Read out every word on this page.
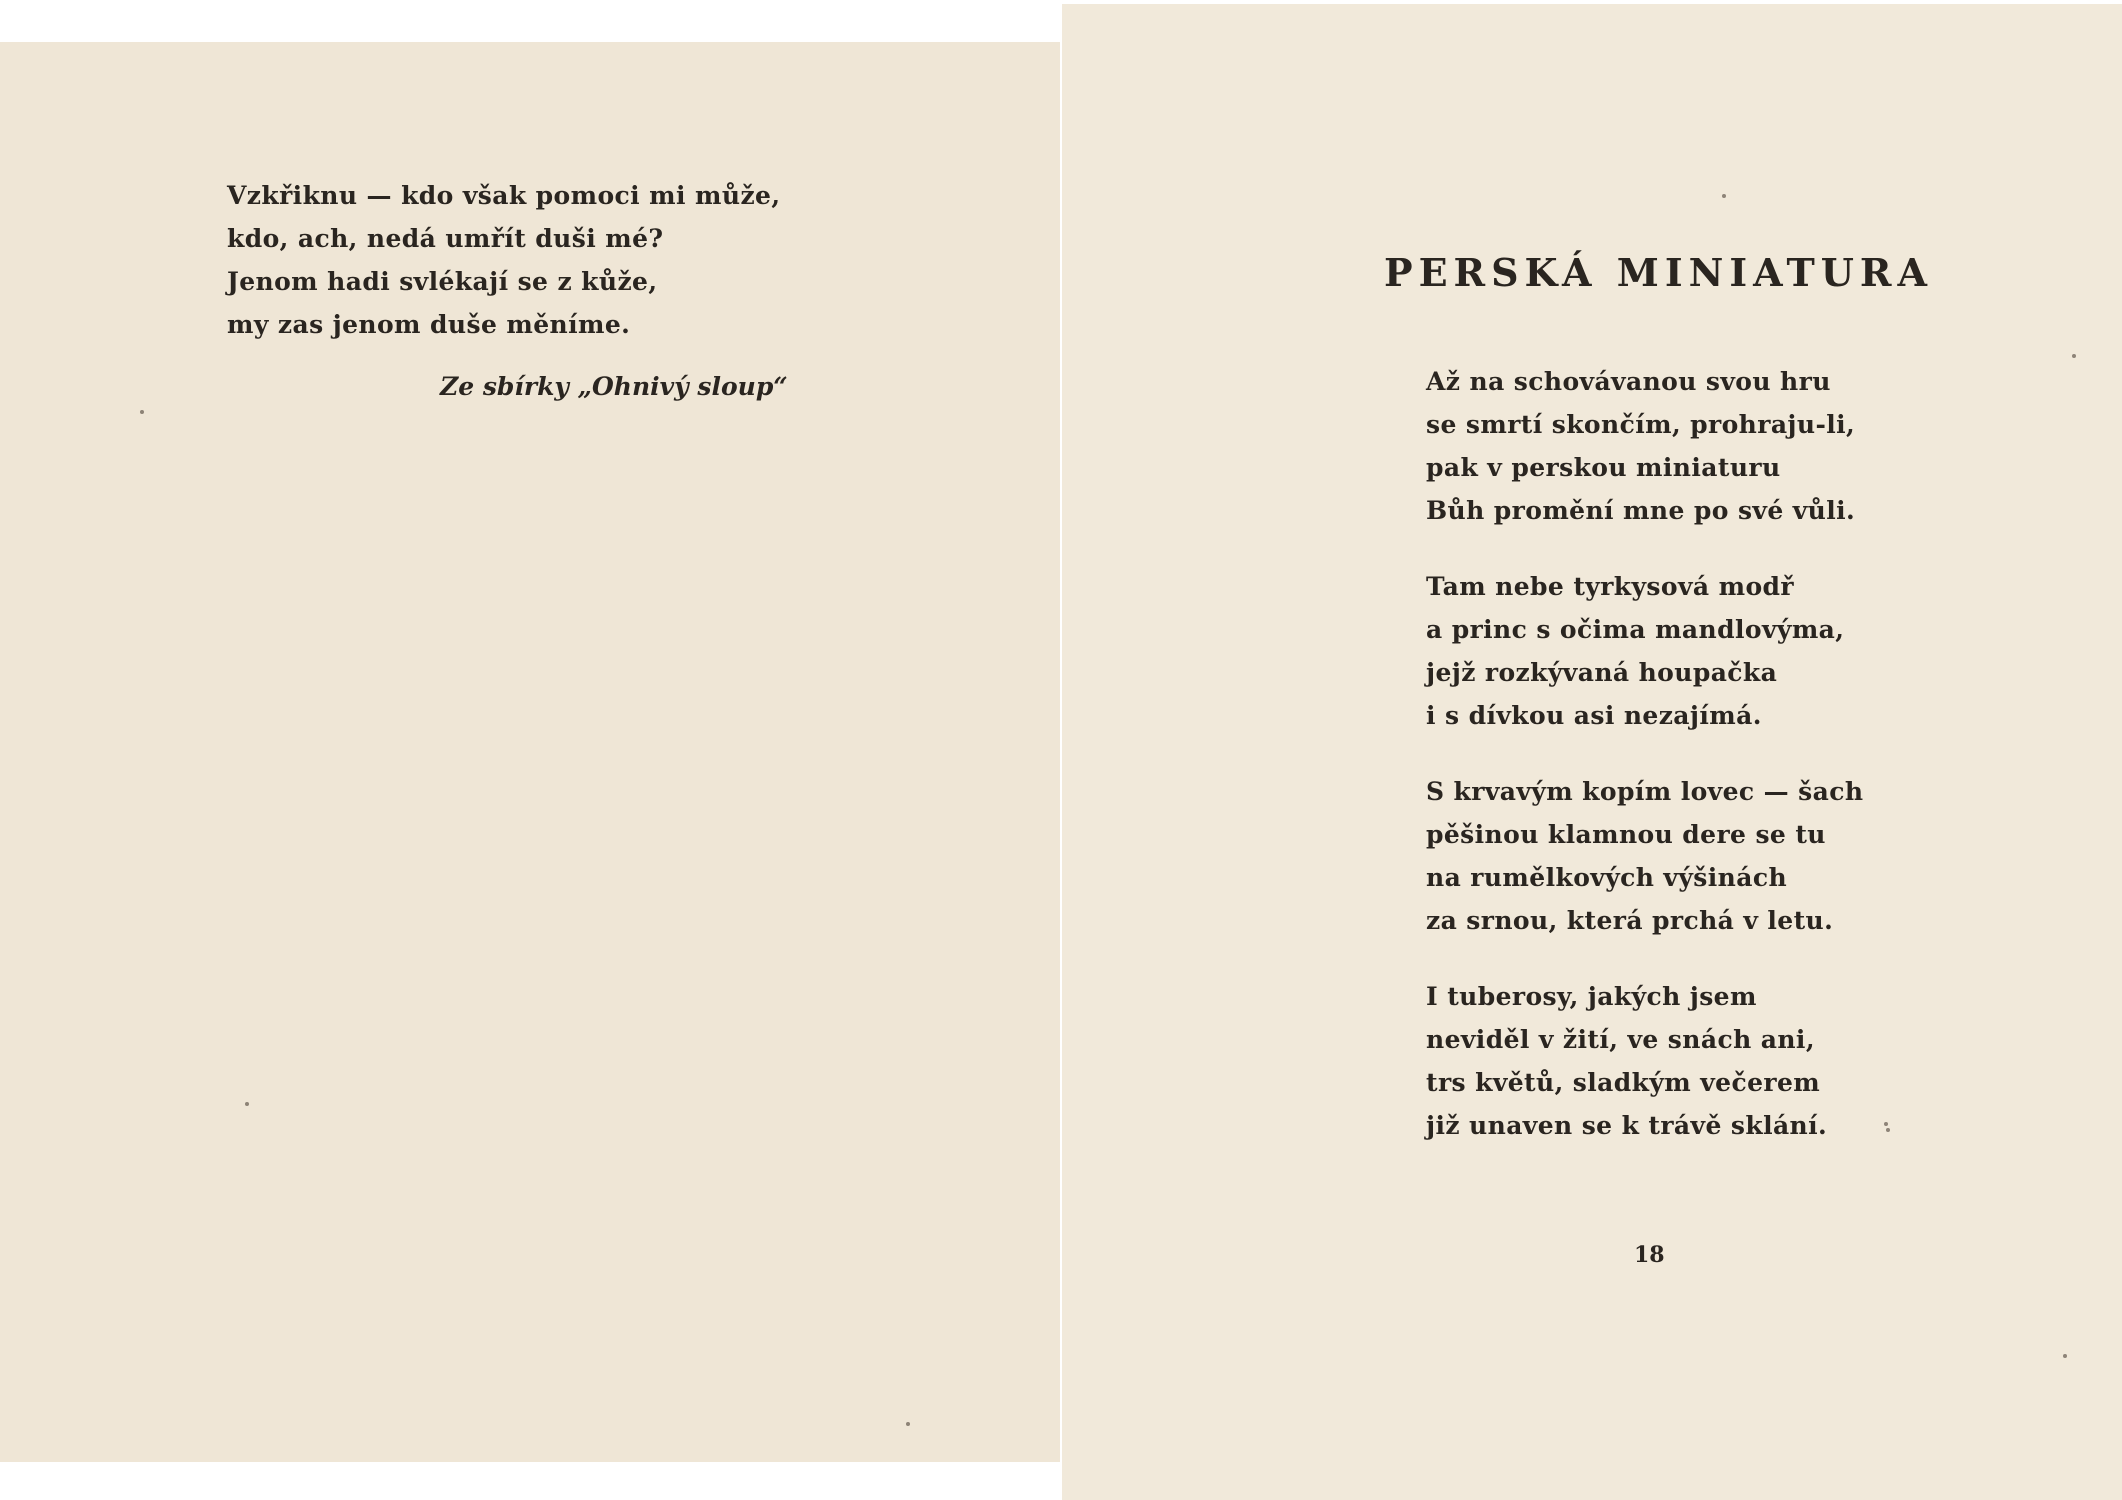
Vzkřiknu — kdo však pomoci mi může,
kdo, ach, nedá umřít duši mé?
Jenom hadi svlékají se z kůže,
my zas jenom duše měníme.
Ze sbírky „Ohnivý sloup“
PERSKÁ MINIATURA
Až na schovávanou svou hru
se smrtí skončím, prohraju-li,
pak v perskou miniaturu
Bůh promění mne po své vůli.
Tam nebe tyrkysová modř
a princ s očima mandlovýma,
jejž rozkývaná houpačka
i s dívkou asi nezajímá.
S krvavým kopím lovec — šach
pěšinou klamnou dere se tu
na rumělkových výšinách
za srnou, která prchá v letu.
I tuberosy, jakých jsem
neviděl v žití, ve snách ani,
trs květů, sladkým večerem
již unaven se k trávě sklání.
18
